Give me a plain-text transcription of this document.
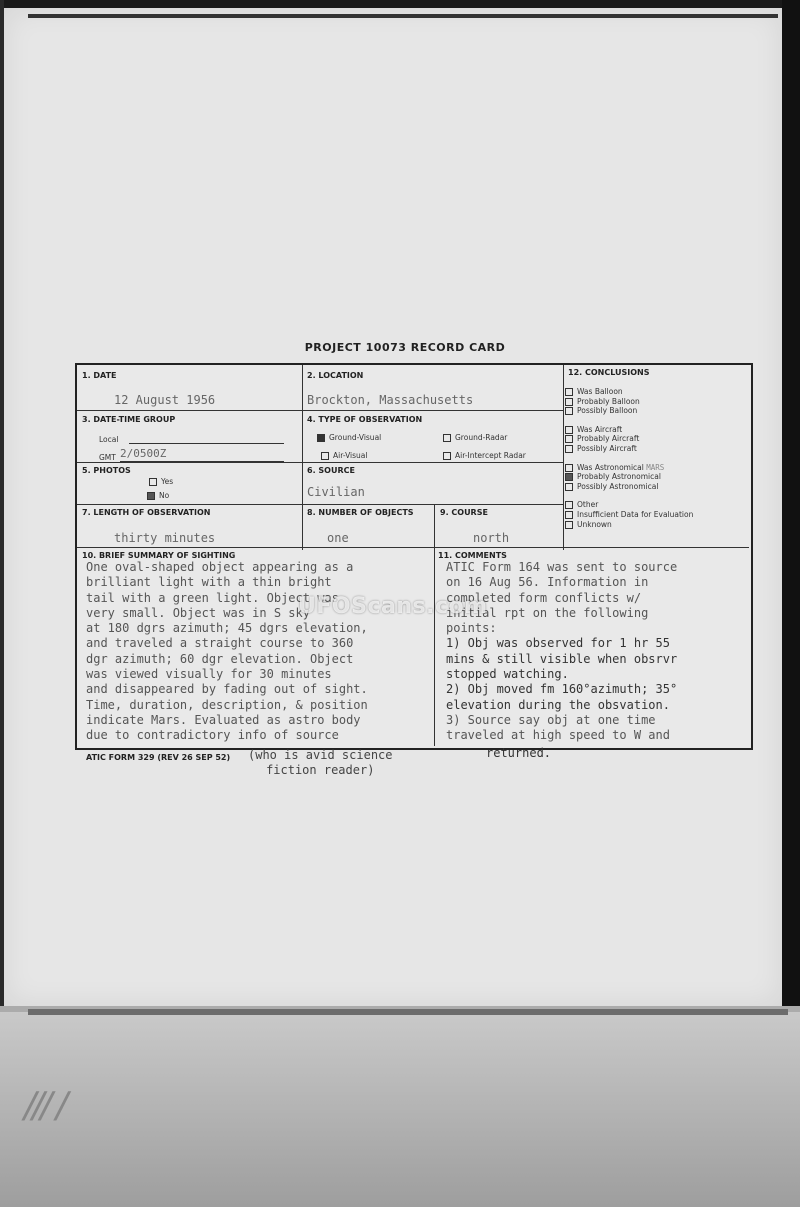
/// /
PROJECT 10073 RECORD CARD
1. DATE
12 August 1956
2. LOCATION
Brockton, Massachusetts
3. DATE-TIME GROUP
Local
GMT 2/0500Z
4. TYPE OF OBSERVATION
Ground-Visual	Ground-Radar
Air-Visual	Air-Intercept Radar
5. PHOTOS
Yes
No
6. SOURCE
Civilian
7. LENGTH OF OBSERVATION
thirty minutes
8. NUMBER OF OBJECTS
one
9. COURSE
north
12. CONCLUSIONS
Was Balloon
Probably Balloon
Possibly Balloon
Was Aircraft
Probably Aircraft
Possibly Aircraft
Was Astronomical MARS
Probably Astronomical
Possibly Astronomical
Other
Insufficient Data for Evaluation
Unknown
10. BRIEF SUMMARY OF SIGHTING	11. COMMENTS
One oval-shaped object appearing as a
brilliant light with a thin bright
tail with a green light. Object was
very small. Object was in S sky
at 180 dgrs azimuth; 45 dgrs elevation,
and traveled a straight course to 360
dgr azimuth; 60 dgr elevation. Object
was viewed visually for 30 minutes
and disappeared by fading out of sight.
Time, duration, description, & position
indicate Mars. Evaluated as astro body
due to contradictory info of source
ATIC Form 164 was sent to source
on 16 Aug 56. Information in
completed form conflicts w/
initial rpt on the following
points:
1) Obj was observed for 1 hr 55
mins & still visible when obsrvr
stopped watching.
2) Obj moved fm 160°azimuth; 35°
elevation during the obsvation.
3) Source say obj at one time
traveled at high speed to W and
ATIC FORM 329 (REV 26 SEP 52) (who is avid science
fiction reader)
returned.
UFOScans.com
